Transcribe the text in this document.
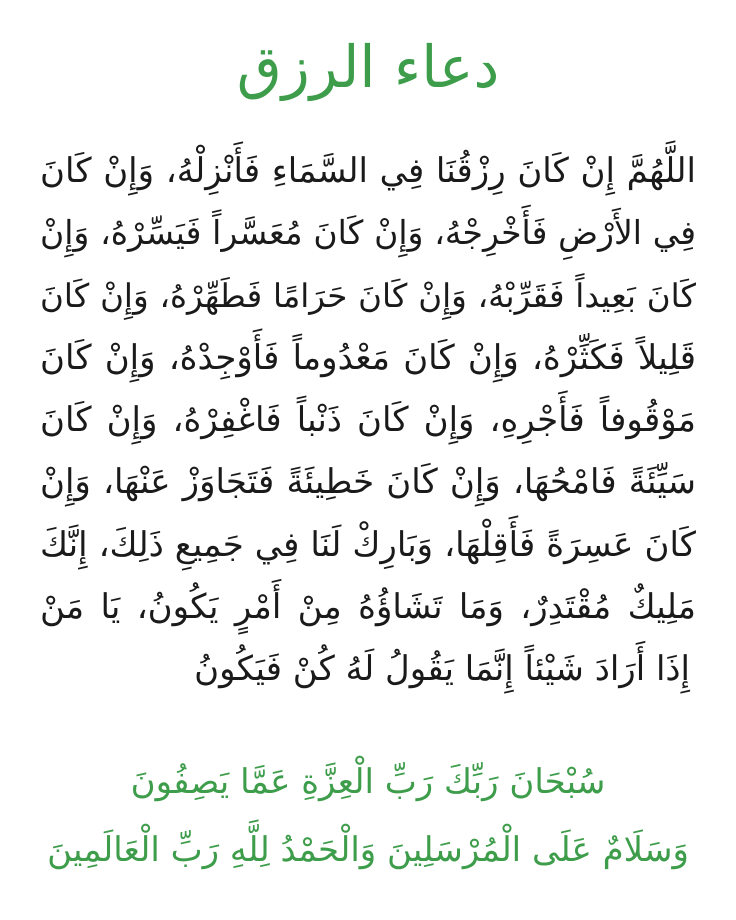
دعاء الرزق
اللَّهُمَّ إِنْ كَانَ رِزْقُنَا فِي السَّمَاءِ فَأَنْزِلْهُ، وَإِنْ كَانَ
فِي الأَرْضِ فَأَخْرِجْهُ، وَإِنْ كَانَ مُعَسَّراً فَيَسِّرْهُ، وَإِنْ
كَانَ بَعِيداً فَقَرِّبْهُ، وَإِنْ كَانَ حَرَامًا فَطَهِّرْهُ، وَإِنْ كَانَ
قَلِيلاً فَكَثِّرْهُ، وَإِنْ كَانَ مَعْدُوماً فَأَوْجِدْهُ، وَإِنْ كَانَ
مَوْقُوفاً فَأَجْرِهِ، وَإِنْ كَانَ ذَنْباً فَاغْفِرْهُ، وَإِنْ كَانَ
سَيِّئَةً فَامْحُهَا، وَإِنْ كَانَ خَطِيئَةً فَتَجَاوَزْ عَنْهَا، وَإِنْ
كَانَ عَسِرَةً فَأَقِلْهَا، وَبَارِكْ لَنَا فِي جَمِيعِ ذَلِكَ، إِنَّكَ
مَلِيكٌ مُقْتَدِرٌ، وَمَا تَشَاؤُهُ مِنْ أَمْرٍ يَكُونُ، يَا مَنْ
إِذَا أَرَادَ شَيْئاً إِنَّمَا يَقُولُ لَهُ كُنْ فَيَكُونُ
سُبْحَانَ رَبِّكَ رَبِّ الْعِزَّةِ عَمَّا يَصِفُونَ
وَسَلَامٌ عَلَى الْمُرْسَلِينَ وَالْحَمْدُ لِلَّهِ رَبِّ الْعَالَمِينَ
